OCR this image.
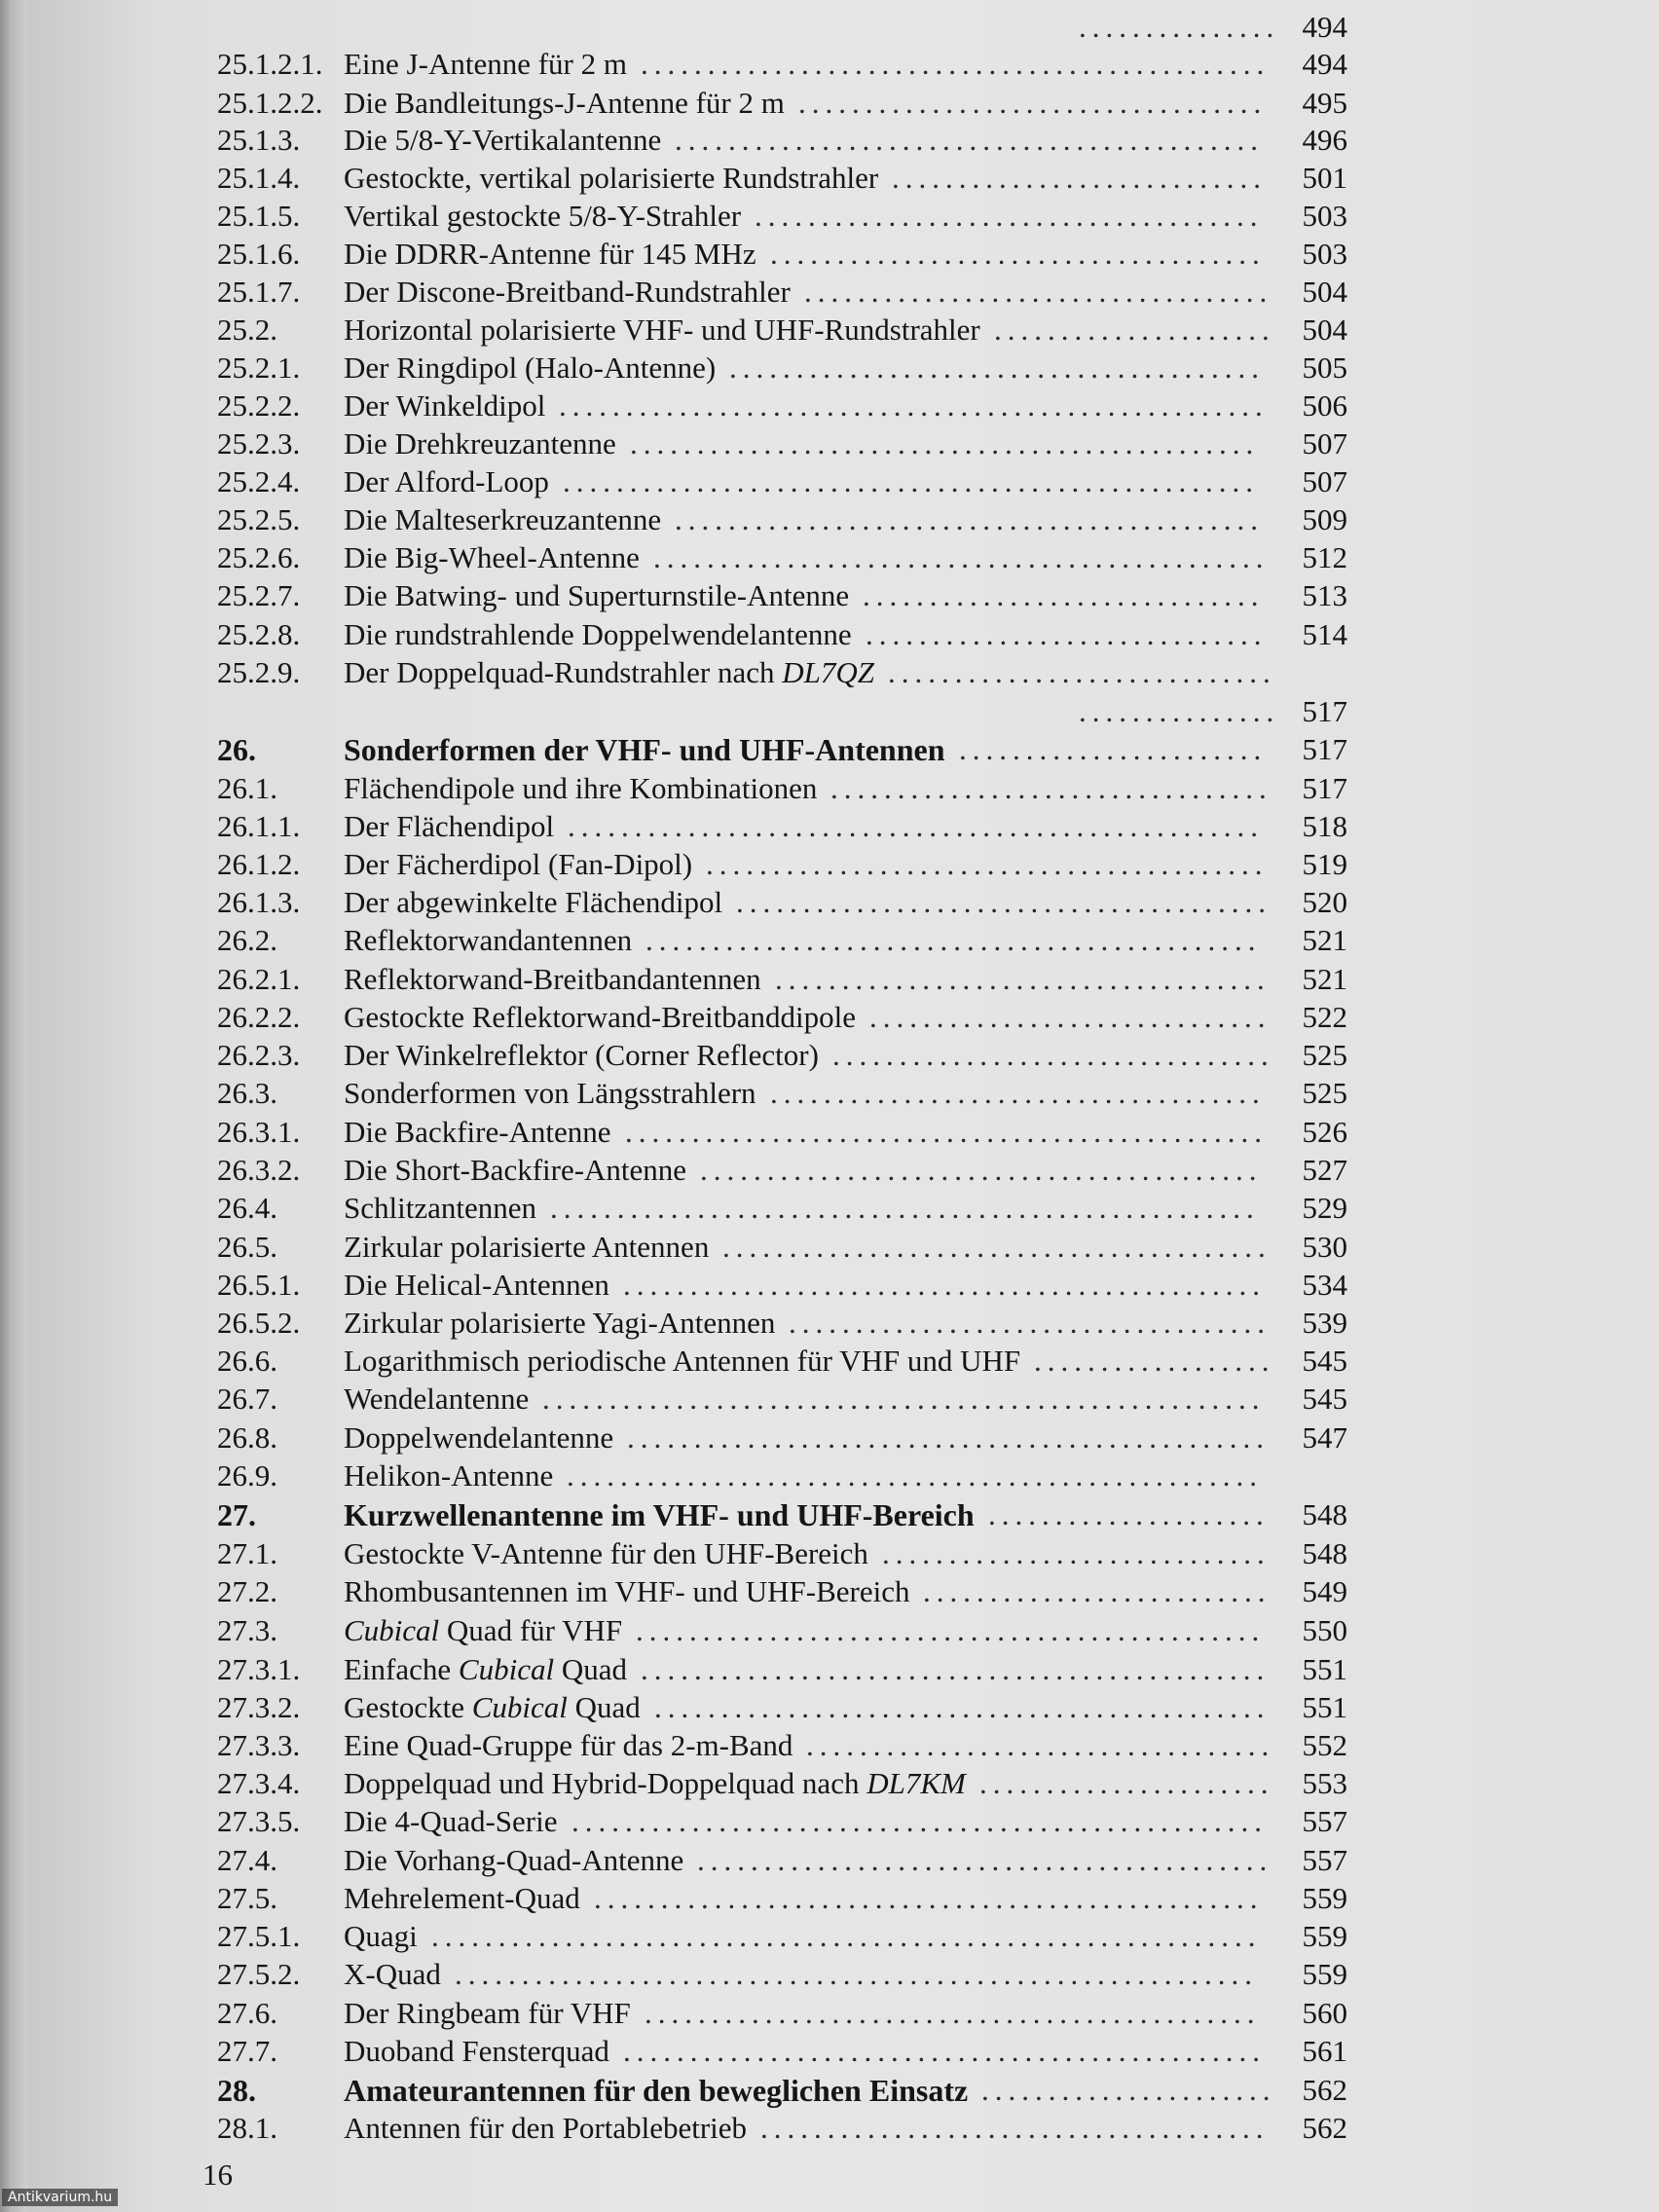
............... 494
25.1.2.1. Eine J-Antenne für 2 m ...............................................	494
25.1.2.2. Die Bandleitungs-J-Antenne für 2 m ...................................	495
25.1.3. Die 5/8-Y-Vertikalantenne ............................................	496
25.1.4. Gestockte, vertikal polarisierte Rundstrahler ............................	501
25.1.5. Vertikal gestockte 5/8-Y-Strahler ......................................	503
25.1.6. Die DDRR-Antenne für 145 MHz .....................................	503
25.1.7. Der Discone-Breitband-Rundstrahler ................................... 504
25.2. Horizontal polarisierte VHF- und UHF-Rundstrahler ..................... 504
25.2.1. Der Ringdipol (Halo-Antenne) ........................................	505
25.2.2. Der Winkeldipol .....................................................	506
25.2.3. Die Drehkreuzantenne ...............................................	507
25.2.4. Der Alford-Loop ....................................................	507
25.2.5. Die Malteserkreuzantenne ............................................	509
25.2.6. Die Big-Wheel-Antenne ..............................................	512
25.2.7. Die Batwing- und Superturnstile-Antenne ..............................	513
25.2.8. Die rundstrahlende Doppelwendelantenne ..............................	514
25.2.9. Der Doppelquad-Rundstrahler nach DL7QZ .............................
............... 517
26.	Sonderformen der VHF- und UHF-Antennen .......................	517
26.1. Flächendipole und ihre Kombinationen ................................. 517
26.1.1. Der Flächendipol ....................................................	518
26.1.2. Der Fächerdipol (Fan-Dipol) ..........................................	519
26.1.3. Der abgewinkelte Flächendipol ........................................	520
26.2. Reflektorwandantennen ..............................................	521
26.2.1. Reflektorwand-Breitbandantennen .....................................	521
26.2.2. Gestockte Reflektorwand-Breitbanddipole ..............................	522
26.2.3. Der Winkelreflektor (Corner Reflector) ................................. 525
26.3. Sonderformen von Längsstrahlern .....................................	525
26.3.1. Die Backfire-Antenne ................................................	526
26.3.2. Die Short-Backfire-Antenne ..........................................	527
26.4. Schlitzantennen .....................................................	529
26.5. Zirkular polarisierte Antennen .........................................	530
26.5.1. Die Helical-Antennen ................................................	534
26.5.2. Zirkular polarisierte Yagi-Antennen ....................................	539
26.6. Logarithmisch periodische Antennen für VHF und UHF .................. 545
26.7. Wendelantenne ......................................................	545
26.8. Doppelwendelantenne ................................................	547
26.9. Helikon-Antenne ....................................................
27.	Kurzwellenantenne im VHF- und UHF-Bereich .....................	548
27.1. Gestockte V-Antenne für den UHF-Bereich .............................	548
27.2. Rhombusantennen im VHF- und UHF-Bereich ..........................	549
27.3. Cubical Quad für VHF ...............................................	550
27.3.1. Einfache Cubical Quad ...............................................	551
27.3.2. Gestockte Cubical Quad ..............................................	551
27.3.3. Eine Quad-Gruppe für das 2-m-Band ................................... 552
27.3.4. Doppelquad und Hybrid-Doppelquad nach DL7KM ...................... 553
27.3.5. Die 4-Quad-Serie ....................................................	557
27.4. Die Vorhang-Quad-Antenne ........................................... 557
27.5. Mehrelement-Quad ..................................................	559
27.5.1. Quagi ..............................................................	559
27.5.2. X-Quad ............................................................	559
27.6. Der Ringbeam für VHF ..............................................	560
27.7. Duoband Fensterquad ................................................	561
28.	Amateurantennen für den beweglichen Einsatz ...................... 562
28.1. Antennen für den Portablebetrieb ......................................	562
16
Antikvarium.hu
